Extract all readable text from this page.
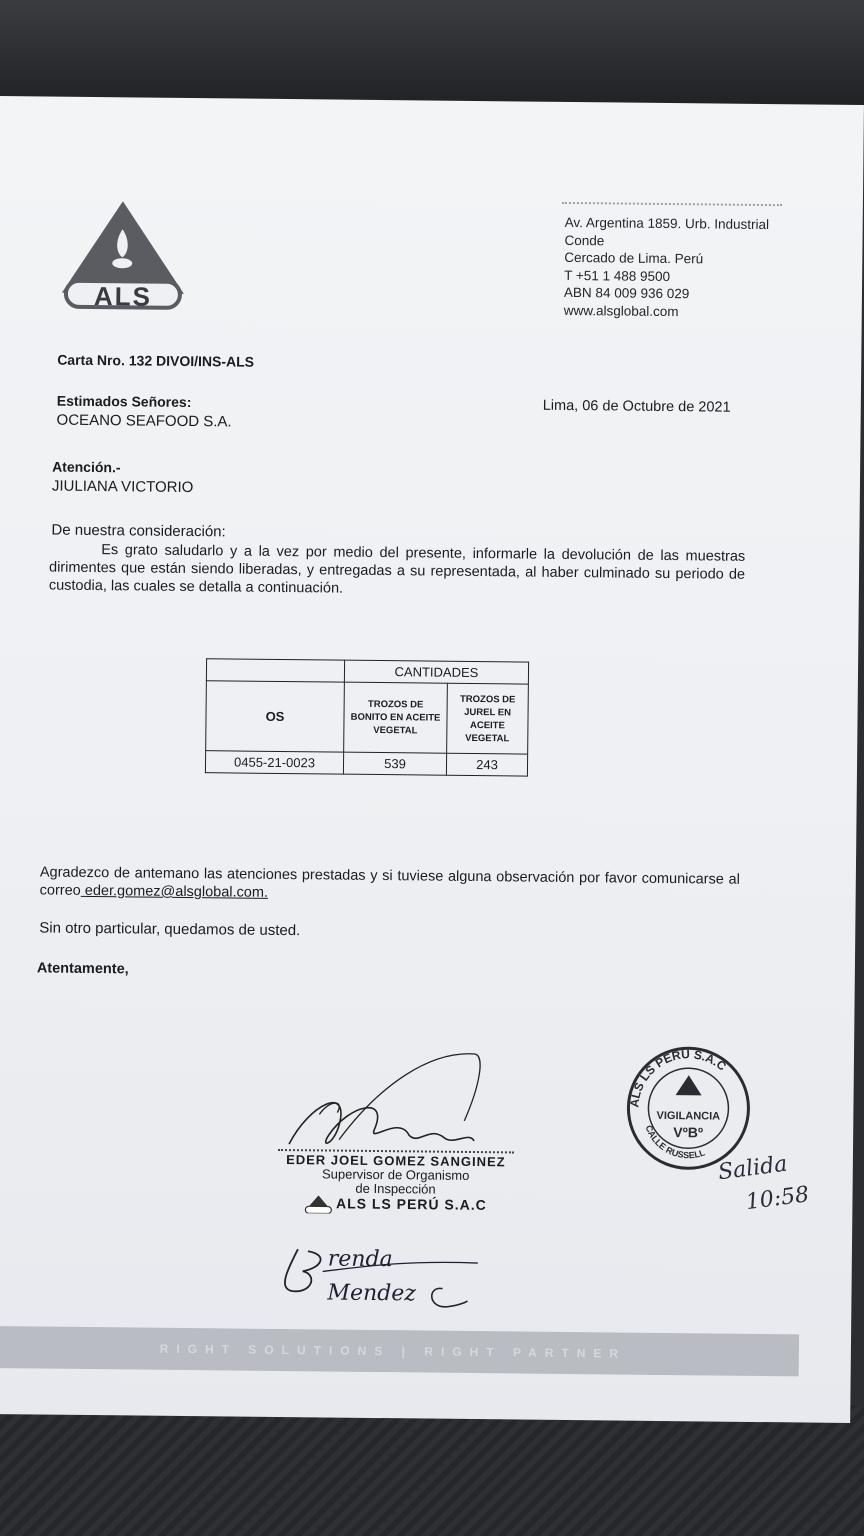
ALS
Av. Argentina 1859. Urb. Industrial
Conde
Cercado de Lima. Perú
T +51 1 488 9500
ABN 84 009 936 029
www.alsglobal.com
Carta Nro. 132 DIVOI/INS-ALS
Estimados Señores:
OCEANO SEAFOOD S.A.
Lima, 06 de Octubre de 2021
Atención.-
JIULIANA VICTORIO
De nuestra consideración:
Es grato saludarlo y a la vez por medio del presente, informarle la devolución de las muestras dirimentes que están siendo liberadas, y entregadas a su representada, al haber culminado su periodo de custodia, las cuales se detalla a continuación.
	CANTIDADES	
OS	TROZOS DE BONITO EN ACEITE VEGETAL	TROZOS DE JUREL EN ACEITE VEGETAL

0455-21-0023	539	243
Agradezco de antemano las atenciones prestadas y si tuviese alguna observación por favor comunicarse al correo eder.gomez@alsglobal.com.
Sin otro particular, quedamos de usted.
Atentamente,
EDER JOEL GOMEZ SANGINEZ
Supervisor de Organismo
de Inspección
ALS LS PERÚ S.A.C
renda
Mendez
ALS LS PERÚ S.A.C
VIGILANCIA
VºBº
CALLE RUSSELL Salida
10:58
RIGHT SOLUTIONS | RIGHT PARTNER
